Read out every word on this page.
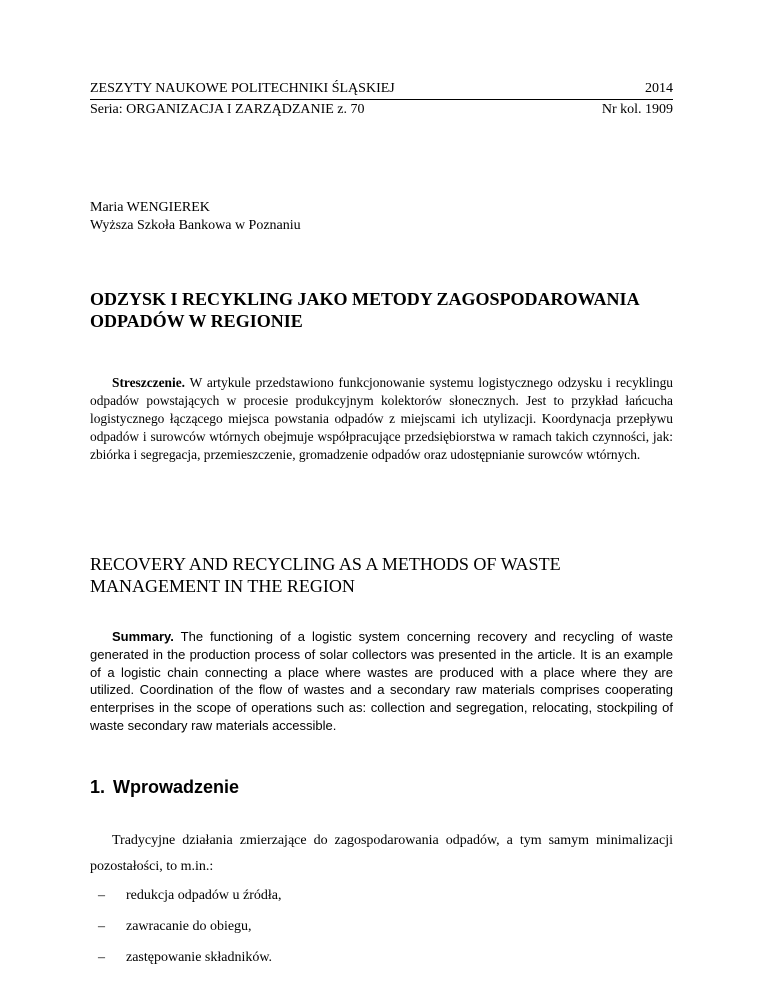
ZESZYTY NAUKOWE POLITECHNIKI ŚLĄSKIEJ	2014
Seria: ORGANIZACJA I ZARZĄDZANIE z. 70	Nr kol. 1909
Maria WENGIEREK
Wyższa Szkoła Bankowa w Poznaniu
ODZYSK I RECYKLING JAKO METODY ZAGOSPODAROWANIA ODPADÓW W REGIONIE

Streszczenie. W artykule przedstawiono funkcjonowanie systemu logistycznego odzysku i recyklingu odpadów powstających w procesie produkcyjnym kolektorów słonecznych. Jest to przykład łańcucha logistycznego łączącego miejsca powstania odpadów z miejscami ich utylizacji. Koordynacja przepływu odpadów i surowców wtórnych obejmuje współpracujące przedsiębiorstwa w ramach takich czynności, jak: zbiórka i segregacja, przemieszczenie, gromadzenie odpadów oraz udostępnianie surowców wtórnych.

RECOVERY AND RECYCLING AS A METHODS OF WASTE MANAGEMENT IN THE REGION

Summary. The functioning of a logistic system concerning recovery and recycling of waste generated in the production process of solar collectors was presented in the article. It is an example of a logistic chain connecting a place where wastes are produced with a place where they are utilized. Coordination of the flow of wastes and a secondary raw materials comprises cooperating enterprises in the scope of operations such as: collection and segregation, relocating, stockpiling of waste secondary raw materials accessible.

1. Wprowadzenie

Tradycyjne działania zmierzające do zagospodarowania odpadów, a tym samym minimalizacji pozostałości, to m.in.:

–	redukcja odpadów u źródła,
–	zawracanie do obiegu,
–	zastępowanie składników.
